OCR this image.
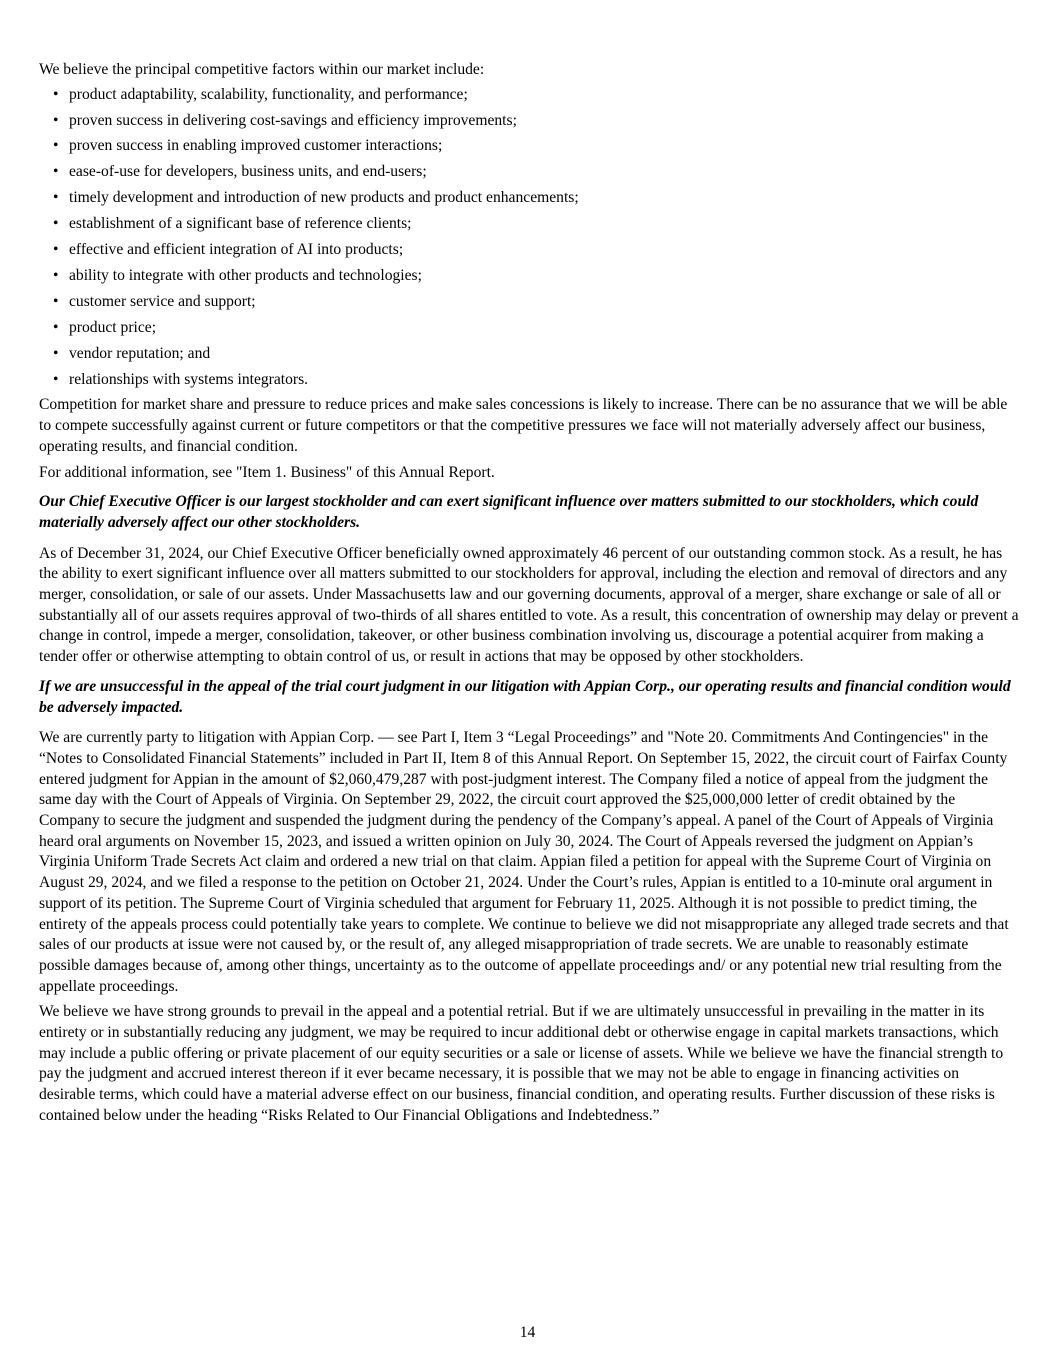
We believe the principal competitive factors within our market include:

• product adaptability, scalability, functionality, and performance;
• proven success in delivering cost-savings and efficiency improvements;
• proven success in enabling improved customer interactions;
• ease-of-use for developers, business units, and end-users;
• timely development and introduction of new products and product enhancements;
• establishment of a significant base of reference clients;
• effective and efficient integration of AI into products;
• ability to integrate with other products and technologies;
• customer service and support;
• product price;
• vendor reputation; and
• relationships with systems integrators.

Competition for market share and pressure to reduce prices and make sales concessions is likely to increase. There can be no assurance that we will be able to compete successfully against current or future competitors or that the competitive pressures we face will not materially adversely affect our business, operating results, and financial condition.

For additional information, see "Item 1. Business" of this Annual Report.

Our Chief Executive Officer is our largest stockholder and can exert significant influence over matters submitted to our stockholders, which could materially adversely affect our other stockholders.

As of December 31, 2024, our Chief Executive Officer beneficially owned approximately 46 percent of our outstanding common stock. As a result, he has the ability to exert significant influence over all matters submitted to our stockholders for approval, including the election and removal of directors and any merger, consolidation, or sale of our assets. Under Massachusetts law and our governing documents, approval of a merger, share exchange or sale of all or substantially all of our assets requires approval of two-thirds of all shares entitled to vote. As a result, this concentration of ownership may delay or prevent a change in control, impede a merger, consolidation, takeover, or other business combination involving us, discourage a potential acquirer from making a tender offer or otherwise attempting to obtain control of us, or result in actions that may be opposed by other stockholders.

If we are unsuccessful in the appeal of the trial court judgment in our litigation with Appian Corp., our operating results and financial condition would be adversely impacted.

We are currently party to litigation with Appian Corp. — see Part I, Item 3 “Legal Proceedings” and "Note 20. Commitments And Contingencies" in the “Notes to Consolidated Financial Statements” included in Part II, Item 8 of this Annual Report. On September 15, 2022, the circuit court of Fairfax County entered judgment for Appian in the amount of $2,060,479,287 with post-judgment interest. The Company filed a notice of appeal from the judgment the same day with the Court of Appeals of Virginia. On September 29, 2022, the circuit court approved the $25,000,000 letter of credit obtained by the Company to secure the judgment and suspended the judgment during the pendency of the Company’s appeal. A panel of the Court of Appeals of Virginia heard oral arguments on November 15, 2023, and issued a written opinion on July 30, 2024. The Court of Appeals reversed the judgment on Appian’s Virginia Uniform Trade Secrets Act claim and ordered a new trial on that claim. Appian filed a petition for appeal with the Supreme Court of Virginia on August 29, 2024, and we filed a response to the petition on October 21, 2024. Under the Court’s rules, Appian is entitled to a 10-minute oral argument in support of its petition. The Supreme Court of Virginia scheduled that argument for February 11, 2025. Although it is not possible to predict timing, the entirety of the appeals process could potentially take years to complete. We continue to believe we did not misappropriate any alleged trade secrets and that sales of our products at issue were not caused by, or the result of, any alleged misappropriation of trade secrets. We are unable to reasonably estimate possible damages because of, among other things, uncertainty as to the outcome of appellate proceedings and/ or any potential new trial resulting from the appellate proceedings.

We believe we have strong grounds to prevail in the appeal and a potential retrial. But if we are ultimately unsuccessful in prevailing in the matter in its entirety or in substantially reducing any judgment, we may be required to incur additional debt or otherwise engage in capital markets transactions, which may include a public offering or private placement of our equity securities or a sale or license of assets. While we believe we have the financial strength to pay the judgment and accrued interest thereon if it ever became necessary, it is possible that we may not be able to engage in financing activities on desirable terms, which could have a material adverse effect on our business, financial condition, and operating results. Further discussion of these risks is contained below under the heading “Risks Related to Our Financial Obligations and Indebtedness.”

14
